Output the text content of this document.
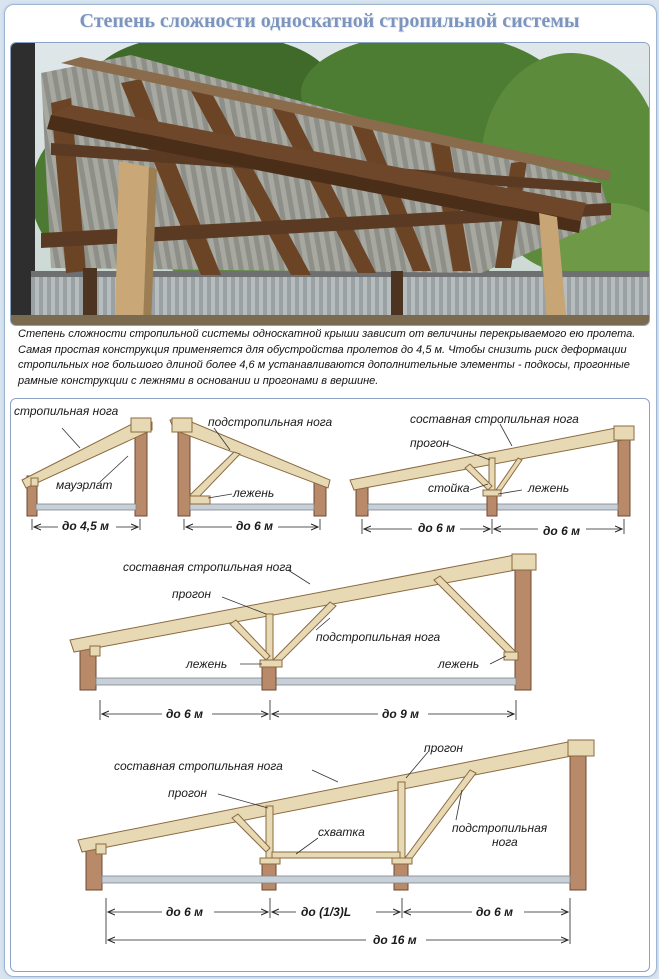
Степень сложности односкатной стропильной системы
Степень сложности стропильной системы односкатной крыши зависит от величины перекрываемого ею пролета. Самая простая конструкция применяется для обустройства пролетов до 4,5 м. Чтобы снизить риск деформации стропильных ног большого длиной более 4,6 м устанавливаются дополнительные элементы - подкосы, прогонные рамные конструкции с лежнями в основании и прогонами в вершине.
стропильная нога
мауэрлат
до 4,5 м
подстропильная нога
лежень
до 6 м
составная стропильная нога
прогон
стойка	лежень
до 6 м	до 6 м
составная стропильная нога
прогон
подстропильная нога
лежень	лежень
до 6 м	до 9 м
составная стропильная нога
прогон
прогон
схватка	подстропильная нога
до 6 м	до (1/3)L	до 6 м
до 16 м
